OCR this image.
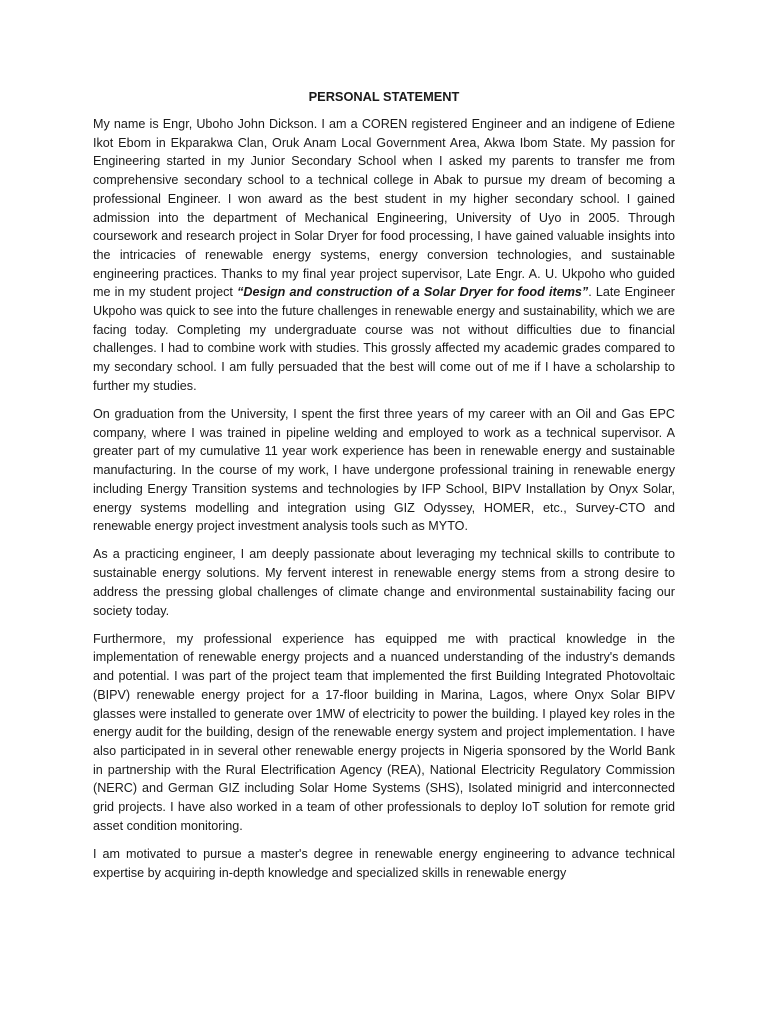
PERSONAL STATEMENT

My name is Engr, Uboho John Dickson. I am a COREN registered Engineer and an indigene of Ediene Ikot Ebom in Ekparakwa Clan, Oruk Anam Local Government Area, Akwa Ibom State. My passion for Engineering started in my Junior Secondary School when I asked my parents to transfer me from comprehensive secondary school to a technical college in Abak to pursue my dream of becoming a professional Engineer. I won award as the best student in my higher secondary school. I gained admission into the department of Mechanical Engineering, University of Uyo in 2005. Through coursework and research project in Solar Dryer for food processing, I have gained valuable insights into the intricacies of renewable energy systems, energy conversion technologies, and sustainable engineering practices. Thanks to my final year project supervisor, Late Engr. A. U. Ukpoho who guided me in my student project “Design and construction of a Solar Dryer for food items”. Late Engineer Ukpoho was quick to see into the future challenges in renewable energy and sustainability, which we are facing today. Completing my undergraduate course was not without difficulties due to financial challenges. I had to combine work with studies. This grossly affected my academic grades compared to my secondary school. I am fully persuaded that the best will come out of me if I have a scholarship to further my studies.

On graduation from the University, I spent the first three years of my career with an Oil and Gas EPC company, where I was trained in pipeline welding and employed to work as a technical supervisor. A greater part of my cumulative 11 year work experience has been in renewable energy and sustainable manufacturing. In the course of my work, I have undergone professional training in renewable energy including Energy Transition systems and technologies by IFP School, BIPV Installation by Onyx Solar, energy systems modelling and integration using GIZ Odyssey, HOMER, etc., Survey-CTO and renewable energy project investment analysis tools such as MYTO.

As a practicing engineer, I am deeply passionate about leveraging my technical skills to contribute to sustainable energy solutions. My fervent interest in renewable energy stems from a strong desire to address the pressing global challenges of climate change and environmental sustainability facing our society today.

Furthermore, my professional experience has equipped me with practical knowledge in the implementation of renewable energy projects and a nuanced understanding of the industry's demands and potential. I was part of the project team that implemented the first Building Integrated Photovoltaic (BIPV) renewable energy project for a 17-floor building in Marina, Lagos, where Onyx Solar BIPV glasses were installed to generate over 1MW of electricity to power the building. I played key roles in the energy audit for the building, design of the renewable energy system and project implementation. I have also participated in in several other renewable energy projects in Nigeria sponsored by the World Bank in partnership with the Rural Electrification Agency (REA), National Electricity Regulatory Commission (NERC) and German GIZ including Solar Home Systems (SHS), Isolated minigrid and interconnected grid projects. I have also worked in a team of other professionals to deploy IoT solution for remote grid asset condition monitoring.

I am motivated to pursue a master's degree in renewable energy engineering to advance technical expertise by acquiring in-depth knowledge and specialized skills in renewable energy
